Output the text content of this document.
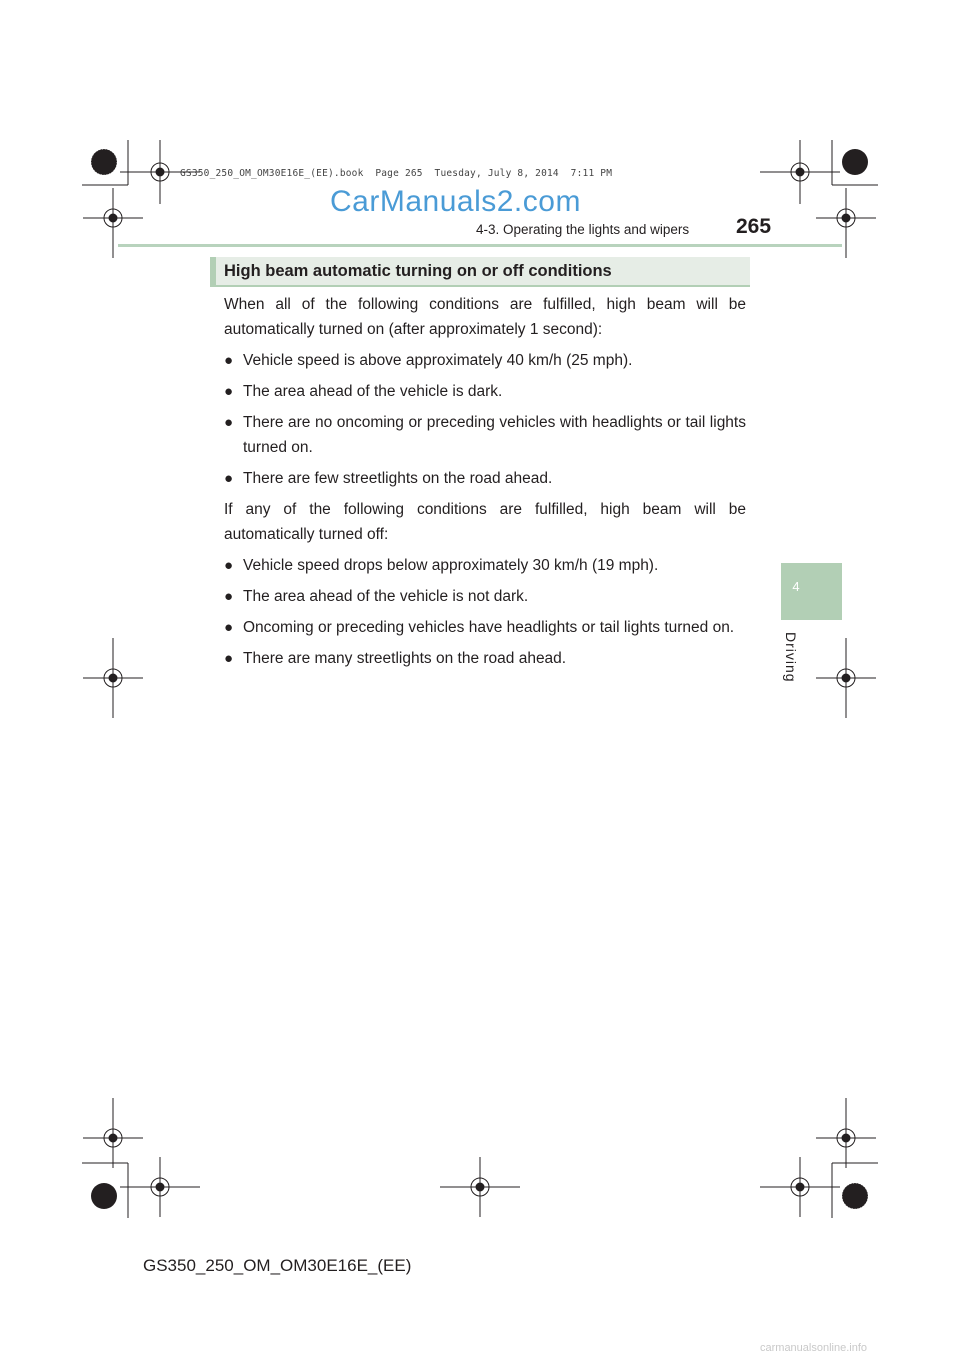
GS350_250_OM_OM30E16E_(EE).book  Page 265  Tuesday, July 8, 2014  7:11 PM
CarManuals2.com
4-3. Operating the lights and wipers 265
4
Driving
High beam automatic turning on or off conditions

When all of the following conditions are fulfilled, high beam will be automatically turned on (after approximately 1 second):

● Vehicle speed is above approximately 40 km/h (25 mph).
● The area ahead of the vehicle is dark.
● There are no oncoming or preceding vehicles with headlights or tail lights turned on.
● There are few streetlights on the road ahead.

If any of the following conditions are fulfilled, high beam will be automatically turned off:

● Vehicle speed drops below approximately 30 km/h (19 mph).
● The area ahead of the vehicle is not dark.
● Oncoming or preceding vehicles have headlights or tail lights turned on.
● There are many streetlights on the road ahead.
GS350_250_OM_OM30E16E_(EE)
carmanualsonline.info
